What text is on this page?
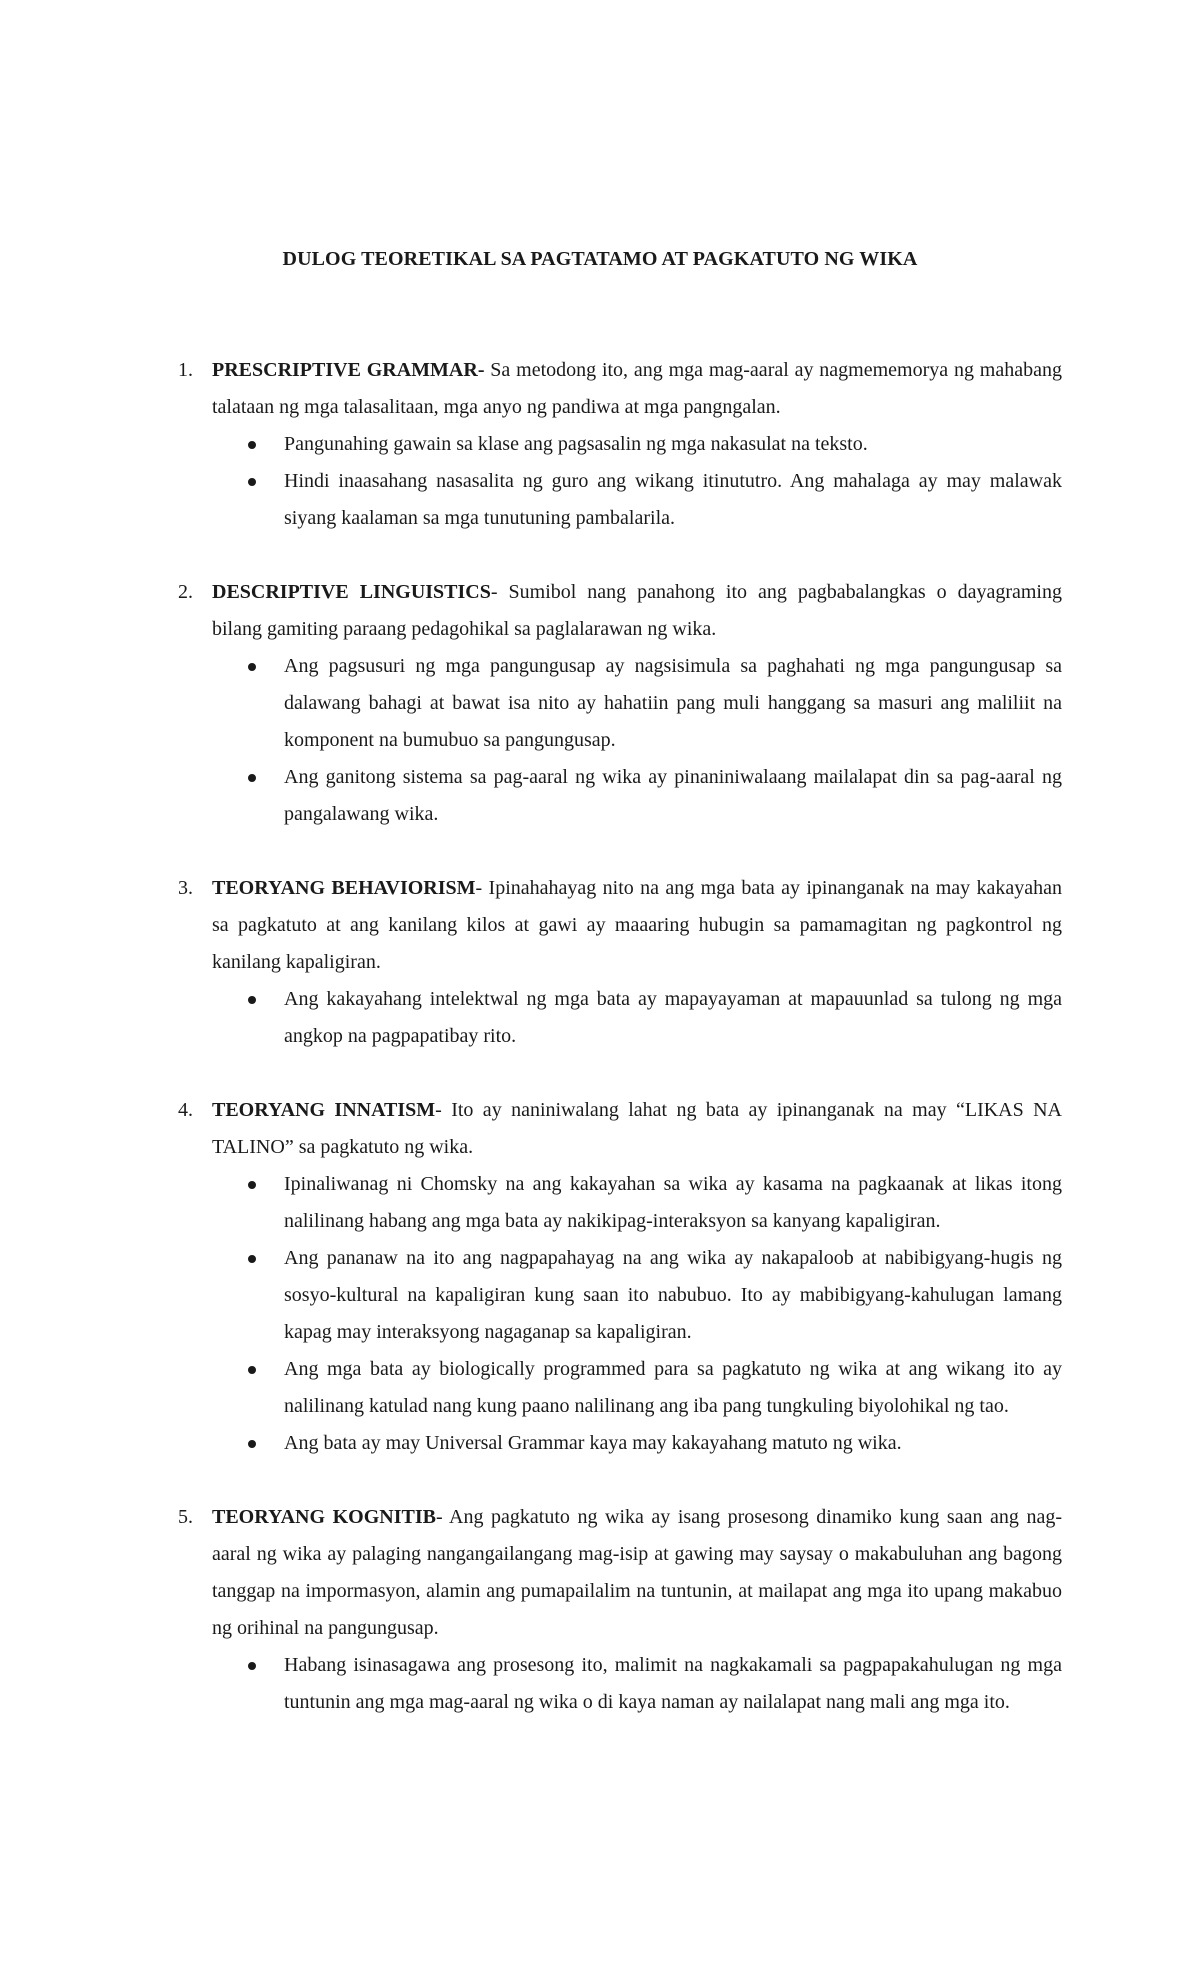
DULOG TEORETIKAL SA PAGTATAMO AT PAGKATUTO NG WIKA
1. PRESCRIPTIVE GRAMMAR- Sa metodong ito, ang mga mag-aaral ay nagmememorya ng mahabang talataan ng mga talasalitaan, mga anyo ng pandiwa at mga pangngalan.
Pangunahing gawain sa klase ang pagsasalin ng mga nakasulat na teksto.
Hindi inaasahang nasasalita ng guro ang wikang itinututro. Ang mahalaga ay may malawak siyang kaalaman sa mga tunutuning pambalarila.
2. DESCRIPTIVE LINGUISTICS- Sumibol nang panahong ito ang pagbabalangkas o dayagraming bilang gamiting paraang pedagohikal sa paglalarawan ng wika.
Ang pagsusuri ng mga pangungusap ay nagsisimula sa paghahati ng mga pangungusap sa dalawang bahagi at bawat isa nito ay hahatiin pang muli hanggang sa masuri ang maliliit na komponent na bumubuo sa pangungusap.
Ang ganitong sistema sa pag-aaral ng wika ay pinaniniwalaang mailalapat din sa pag-aaral ng pangalawang wika.
3. TEORYANG BEHAVIORISM- Ipinahahayag nito na ang mga bata ay ipinanganak na may kakayahan sa pagkatuto at ang kanilang kilos at gawi ay maaaring hubugin sa pamamagitan ng pagkontrol ng kanilang kapaligiran.
Ang kakayahang intelektwal ng mga bata ay mapayayaman at mapauunlad sa tulong ng mga angkop na pagpapatibay rito.
4. TEORYANG INNATISM- Ito ay naniniwalang lahat ng bata ay ipinanganak na may “LIKAS NA TALINO” sa pagkatuto ng wika.
Ipinaliwanag ni Chomsky na ang kakayahan sa wika ay kasama na pagkaanak at likas itong nalilinang habang ang mga bata ay nakikipag-interaksyon sa kanyang kapaligiran.
Ang pananaw na ito ang nagpapahayag na ang wika ay nakapaloob at nabibigyang-hugis ng sosyo-kultural na kapaligiran kung saan ito nabubuo. Ito ay mabibigyang-kahulugan lamang kapag may interaksyong nagaganap sa kapaligiran.
Ang mga bata ay biologically programmed para sa pagkatuto ng wika at ang wikang ito ay nalilinang katulad nang kung paano nalilinang ang iba pang tungkuling biyolohikal ng tao.
Ang bata ay may Universal Grammar kaya may kakayahang matuto ng wika.
5. TEORYANG KOGNITIB- Ang pagkatuto ng wika ay isang prosesong dinamiko kung saan ang nag-aaral ng wika ay palaging nangangailangang mag-isip at gawing may saysay o makabuluhan ang bagong tanggap na impormasyon, alamin ang pumapailalim na tuntunin, at mailapat ang mga ito upang makabuo ng orihinal na pangungusap.
Habang isinasagawa ang prosesong ito, malimit na nagkakamali sa pagpapakahulugan ng mga tuntunin ang mga mag-aaral ng wika o di kaya naman ay nailalapat nang mali ang mga ito.
